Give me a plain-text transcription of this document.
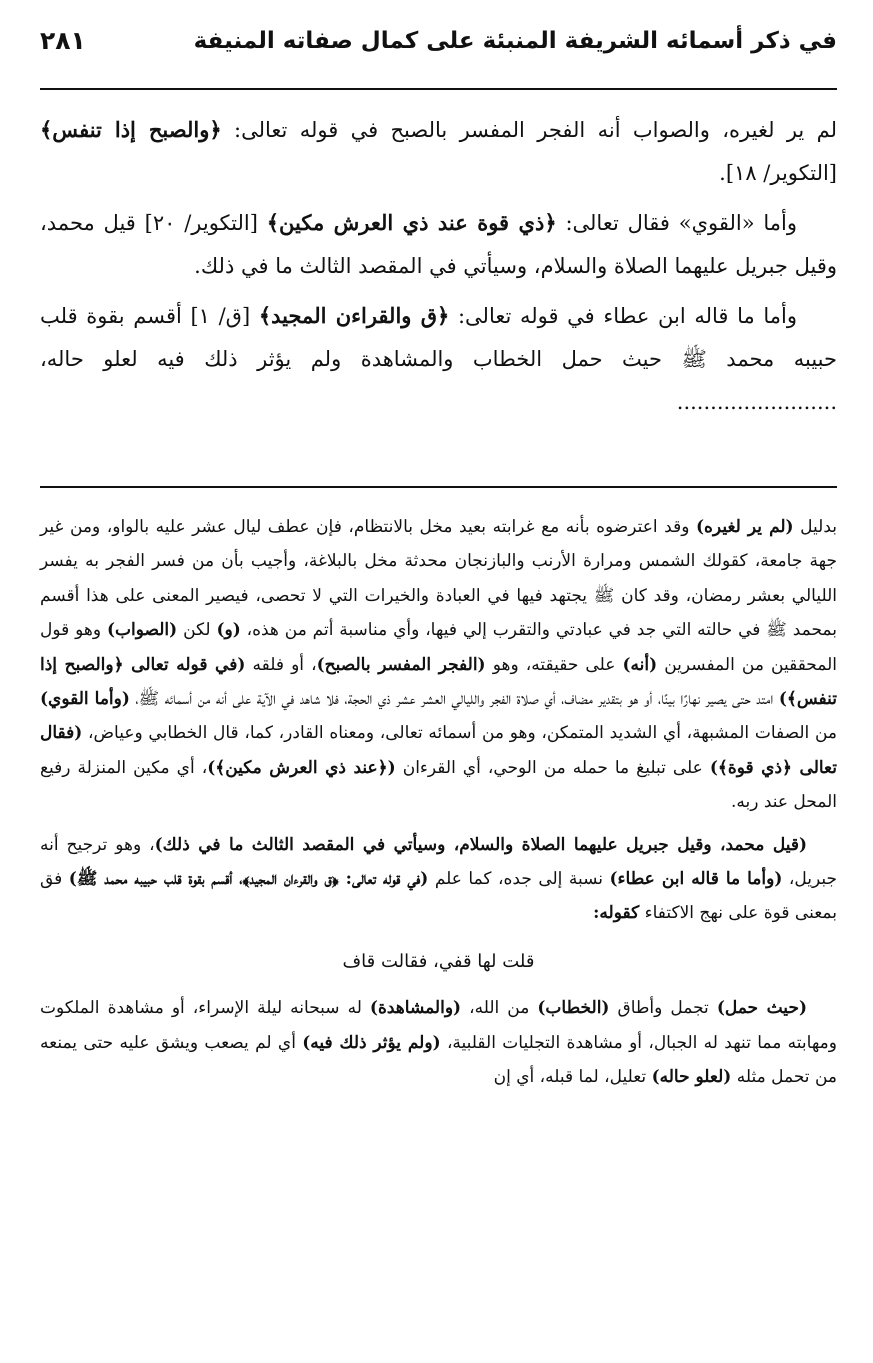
في ذكر أسمائه الشريفة المنبئة على كمال صفاته المنيفة
٢٨١

لم ير لغيره، والصواب أنه الفجر المفسر بالصبح في قوله تعالى: ﴿والصبح إذا تنفس﴾ [التكوير/ ١٨].

وأما «القوي» فقال تعالى: ﴿ذي قوة عند ذي العرش مكين﴾ [التكوير/ ٢٠] قيل محمد، وقيل جبريل عليهما الصلاة والسلام، وسيأتي في المقصد الثالث ما في ذلك.

وأما ما قاله ابن عطاء في قوله تعالى: ﴿ق والقراءن المجيد﴾ [ق/ ١] أقسم بقوة قلب حبيبه محمد ﷺ حيث حمل الخطاب والمشاهدة ولم يؤثر ذلك فيه لعلو حاله، ........................

بدليل (لم ير لغيره) وقد اعترضوه بأنه مع غرابته بعيد مخل بالانتظام، فإن عطف ليال عشر عليه بالواو، ومن غير جهة جامعة، كقولك الشمس ومرارة الأرنب والبازنجان محدثة مخل بالبلاغة، وأجيب بأن من فسر الفجر به يفسر الليالي بعشر رمضان، وقد كان ﷺ يجتهد فيها في العبادة والخيرات التي لا تحصى، فيصير المعنى على هذا أقسم بمحمد ﷺ في حالته التي جد في عبادتي والتقرب إلي فيها، وأي مناسبة أتم من هذه، (و) لكن (الصواب) وهو قول المحققين من المفسرين (أنه) على حقيقته، وهو (الفجر المفسر بالصبح)، أو فلقه (في قوله تعالى ﴿والصبح إذا تنفس﴾) امتد حتى يصير نهارًا بينًا، أو هو بتقدير مضاف، أي صلاة الفجر والليالي العشر عشر ذي الحجة، فلا شاهد في الآية على أنه من أسمائه ﷺ، (وأما القوي) من الصفات المشبهة، أي الشديد المتمكن، وهو من أسمائه تعالى، ومعناه القادر، كما، قال الخطابي وعياض، (فقال تعالى ﴿ذي قوة﴾) على تبليغ ما حمله من الوحي، أي القرءان (﴿عند ذي العرش مكين﴾)، أي مكين المنزلة رفيع المحل عند ربه.

(قيل محمد، وقيل جبريل عليهما الصلاة والسلام، وسيأتي في المقصد الثالث ما في ذلك)، وهو ترجيح أنه جبريل، (وأما ما قاله ابن عطاء) نسبة إلى جده، كما علم (في قوله تعالى: ﴿ق والقرءان المجيد﴾، أقسم بقوة قلب حبيبه محمد ﷺ) فق بمعنى قوة على نهج الاكتفاء كقوله:

قلت لها قفي، فقالت قاف

(حيث حمل) تجمل وأطاق (الخطاب) من الله، (والمشاهدة) له سبحانه ليلة الإسراء، أو مشاهدة الملكوت ومهابته مما تنهد له الجبال، أو مشاهدة التجليات القلبية، (ولم يؤثر ذلك فيه) أي لم يصعب ويشق عليه حتى يمنعه من تحمل مثله (لعلو حاله) تعليل، لما قبله، أي إن
